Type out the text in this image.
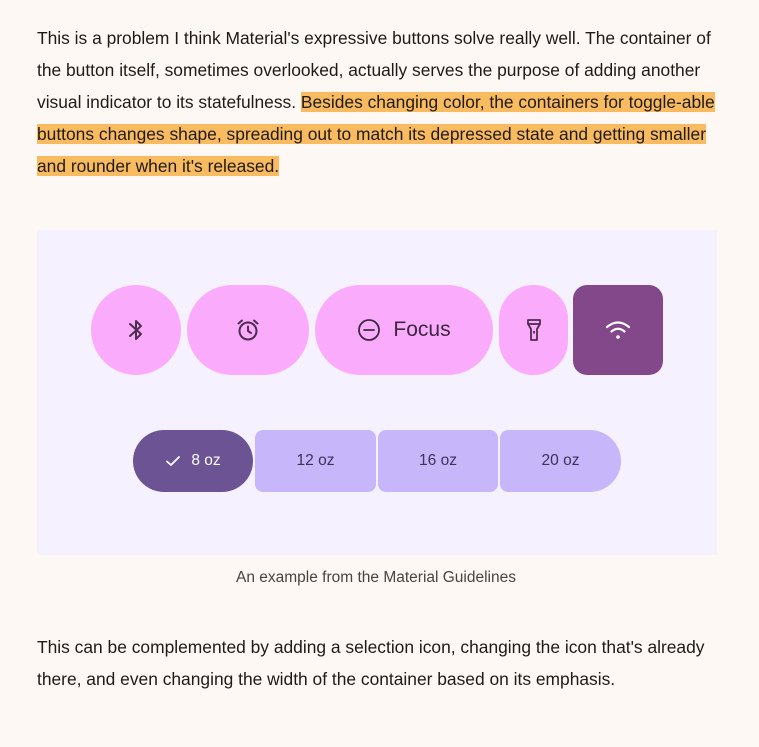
This is a problem I think Material's expressive buttons solve really well. The container of the button itself, sometimes overlooked, actually serves the purpose of adding another visual indicator to its statefulness. Besides changing color, the containers for toggle-able buttons changes shape, spreading out to match its depressed state and getting smaller and rounder when it's released.

Focus
8 oz	12 oz	16 oz	20 oz
An example from the Material Guidelines

This can be complemented by adding a selection icon, changing the icon that's already there, and even changing the width of the container based on its emphasis.
